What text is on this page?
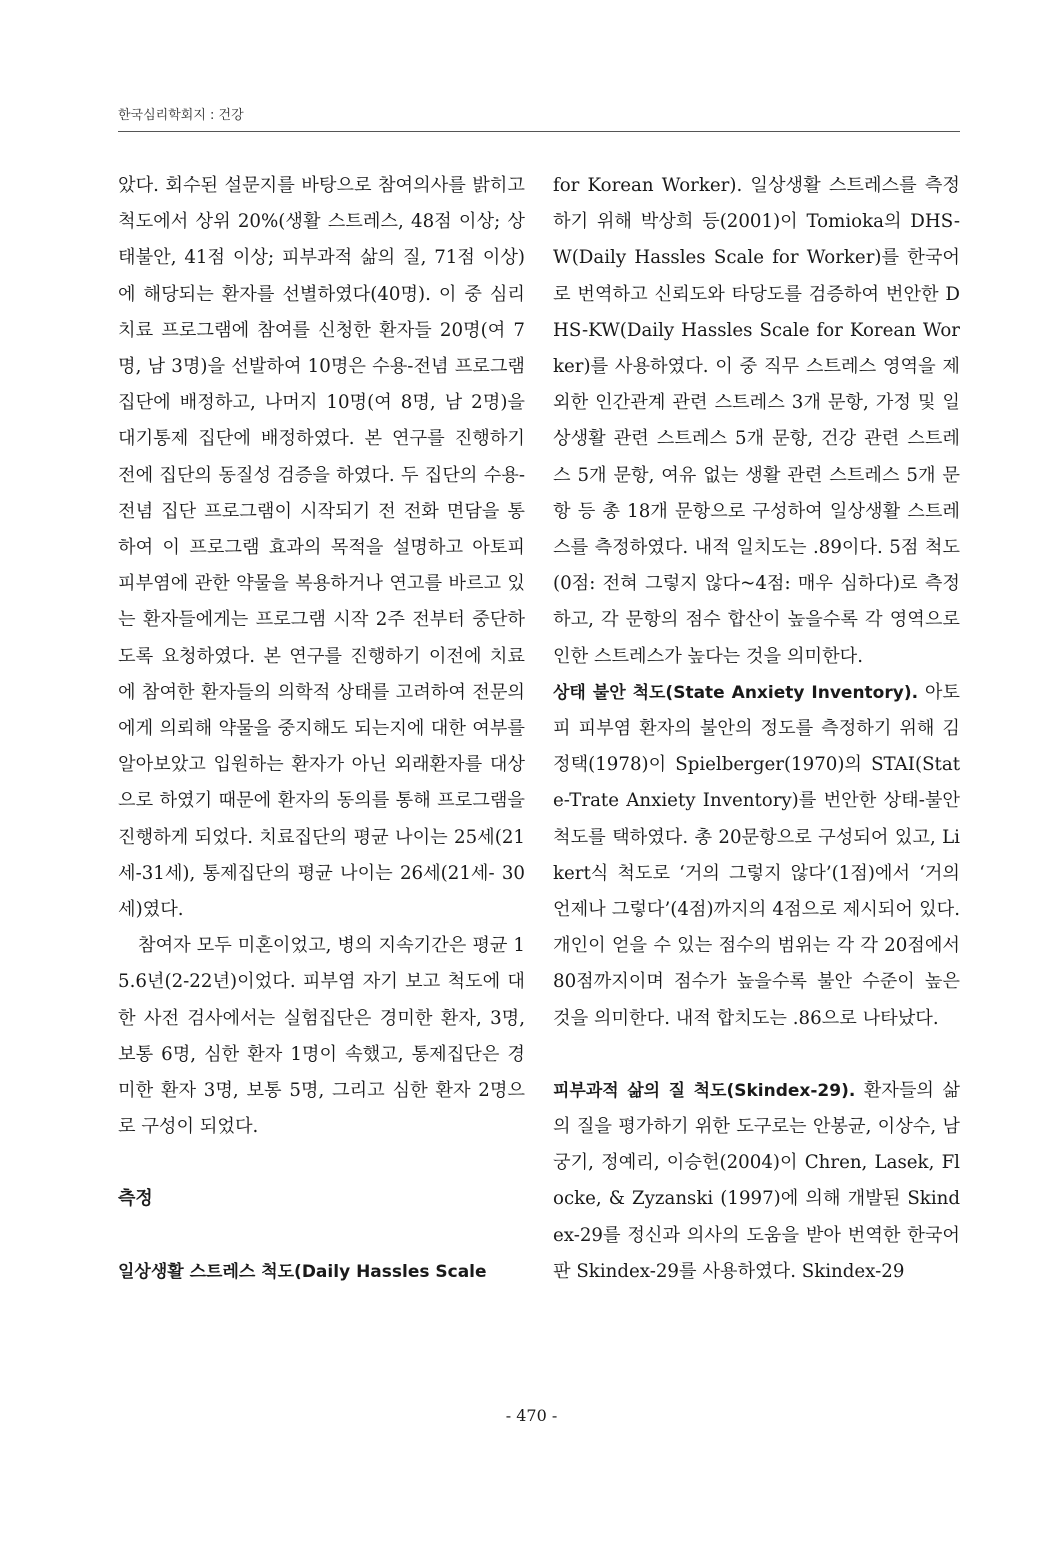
한국심리학회지 : 건강

았다. 회수된 설문지를 바탕으로 참여의사를 밝히고 척도에서 상위 20%(생활 스트레스, 48점 이상; 상태불안, 41점 이상; 피부과적 삶의 질, 71점 이상)에 해당되는 환자를 선별하였다(40명). 이 중 심리치료 프로그램에 참여를 신청한 환자들 20명(여 7명, 남 3명)을 선발하여 10명은 수용-전념 프로그램 집단에 배정하고, 나머지 10명(여 8명, 남 2명)을 대기통제 집단에 배정하였다. 본 연구를 진행하기 전에 집단의 동질성 검증을 하였다. 두 집단의 수용-전념 집단 프로그램이 시작되기 전 전화 면담을 통하여 이 프로그램 효과의 목적을 설명하고 아토피 피부염에 관한 약물을 복용하거나 연고를 바르고 있는 환자들에게는 프로그램 시작 2주 전부터 중단하도록 요청하였다. 본 연구를 진행하기 이전에 치료에 참여한 환자들의 의학적 상태를 고려하여 전문의에게 의뢰해 약물을 중지해도 되는지에 대한 여부를 알아보았고 입원하는 환자가 아닌 외래환자를 대상으로 하였기 때문에 환자의 동의를 통해 프로그램을 진행하게 되었다. 치료집단의 평균 나이는 25세(21세-31세), 통제집단의 평균 나이는 26세(21세- 30세)였다.

참여자 모두 미혼이었고, 병의 지속기간은 평균 15.6년(2-22년)이었다. 피부염 자기 보고 척도에 대한 사전 검사에서는 실험집단은 경미한 환자, 3명, 보통 6명, 심한 환자 1명이 속했고, 통제집단은 경미한 환자 3명, 보통 5명, 그리고 심한 환자 2명으로 구성이 되었다.

측정

일상생활 스트레스 척도(Daily Hassles Scale

for Korean Worker). 일상생활 스트레스를 측정하기 위해 박상희 등(2001)이 Tomioka의 DHS-W(Daily Hassles Scale for Worker)를 한국어로 번역하고 신뢰도와 타당도를 검증하여 번안한 DHS-KW(Daily Hassles Scale for Korean Worker)를 사용하였다. 이 중 직무 스트레스 영역을 제외한 인간관계 관련 스트레스 3개 문항, 가정 및 일상생활 관련 스트레스 5개 문항, 건강 관련 스트레스 5개 문항, 여유 없는 생활 관련 스트레스 5개 문항 등 총 18개 문항으로 구성하여 일상생활 스트레스를 측정하였다. 내적 일치도는 .89이다. 5점 척도(0점: 전혀 그렇지 않다~4점: 매우 심하다)로 측정하고, 각 문항의 점수 합산이 높을수록 각 영역으로 인한 스트레스가 높다는 것을 의미한다.

상태 불안 척도(State Anxiety Inventory). 아토피 피부염 환자의 불안의 정도를 측정하기 위해 김정택(1978)이 Spielberger(1970)의 STAI(State-Trate Anxiety Inventory)를 번안한 상태-불안 척도를 택하였다. 총 20문항으로 구성되어 있고, Likert식 척도로 ‘거의 그렇지 않다’(1점)에서 ‘거의 언제나 그렇다’(4점)까지의 4점으로 제시되어 있다. 개인이 얻을 수 있는 점수의 범위는 각 각 20점에서 80점까지이며 점수가 높을수록 불안 수준이 높은 것을 의미한다. 내적 합치도는 .86으로 나타났다.

피부과적 삶의 질 척도(Skindex-29). 환자들의 삶의 질을 평가하기 위한 도구로는 안봉균, 이상수, 남궁기, 정예리, 이승헌(2004)이 Chren, Lasek, Flocke, & Zyzanski (1997)에 의해 개발된 Skindex-29를 정신과 의사의 도움을 받아 번역한 한국어판 Skindex-29를 사용하였다. Skindex-29

- 470 -
